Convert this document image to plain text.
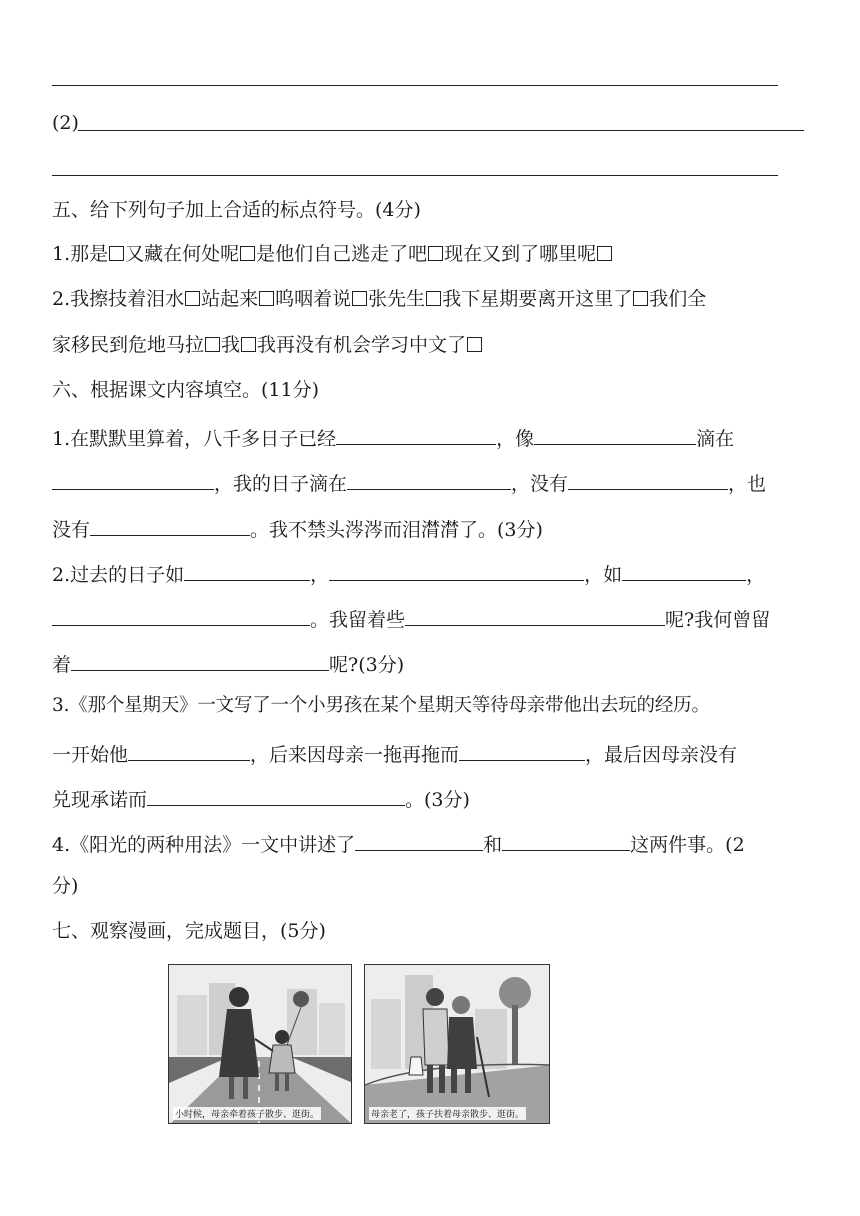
(2)
五、给下列句子加上合适的标点符号。(4分)
1.那是 又藏在何处呢 是他们自己逃走了吧 现在又到了哪里呢
2.我擦技着泪水 站起来 呜咽着说 张先生 我下星期要离开这里了 我们全
家移民到危地马拉 我 我再没有机会学习中文了
六、根据课文内容填空。(11分)
1.在默默里算着，八千多日子已经	，像	滴在
，我的日子滴在	，没有	，也
没有	。我不禁头涔涔而泪潸潸了。(3分)
2.过去的日子如	，	，如	，
。我留着些	呢?我何曾留
着	呢?(3分)
3.《那个星期天》一文写了一个小男孩在某个星期天等待母亲带他出去玩的经历。
一开始他	，后来因母亲一拖再拖而	，最后因母亲没有
兑现承诺而	。(3分)
4.《阳光的两种用法》一文中讲述了	和	这两件事。(2
分)
七、观察漫画，完成题目，(5分)
小时候，母亲牵着孩子散步、逛街。	母亲老了，孩子扶着母亲散步、逛街。
